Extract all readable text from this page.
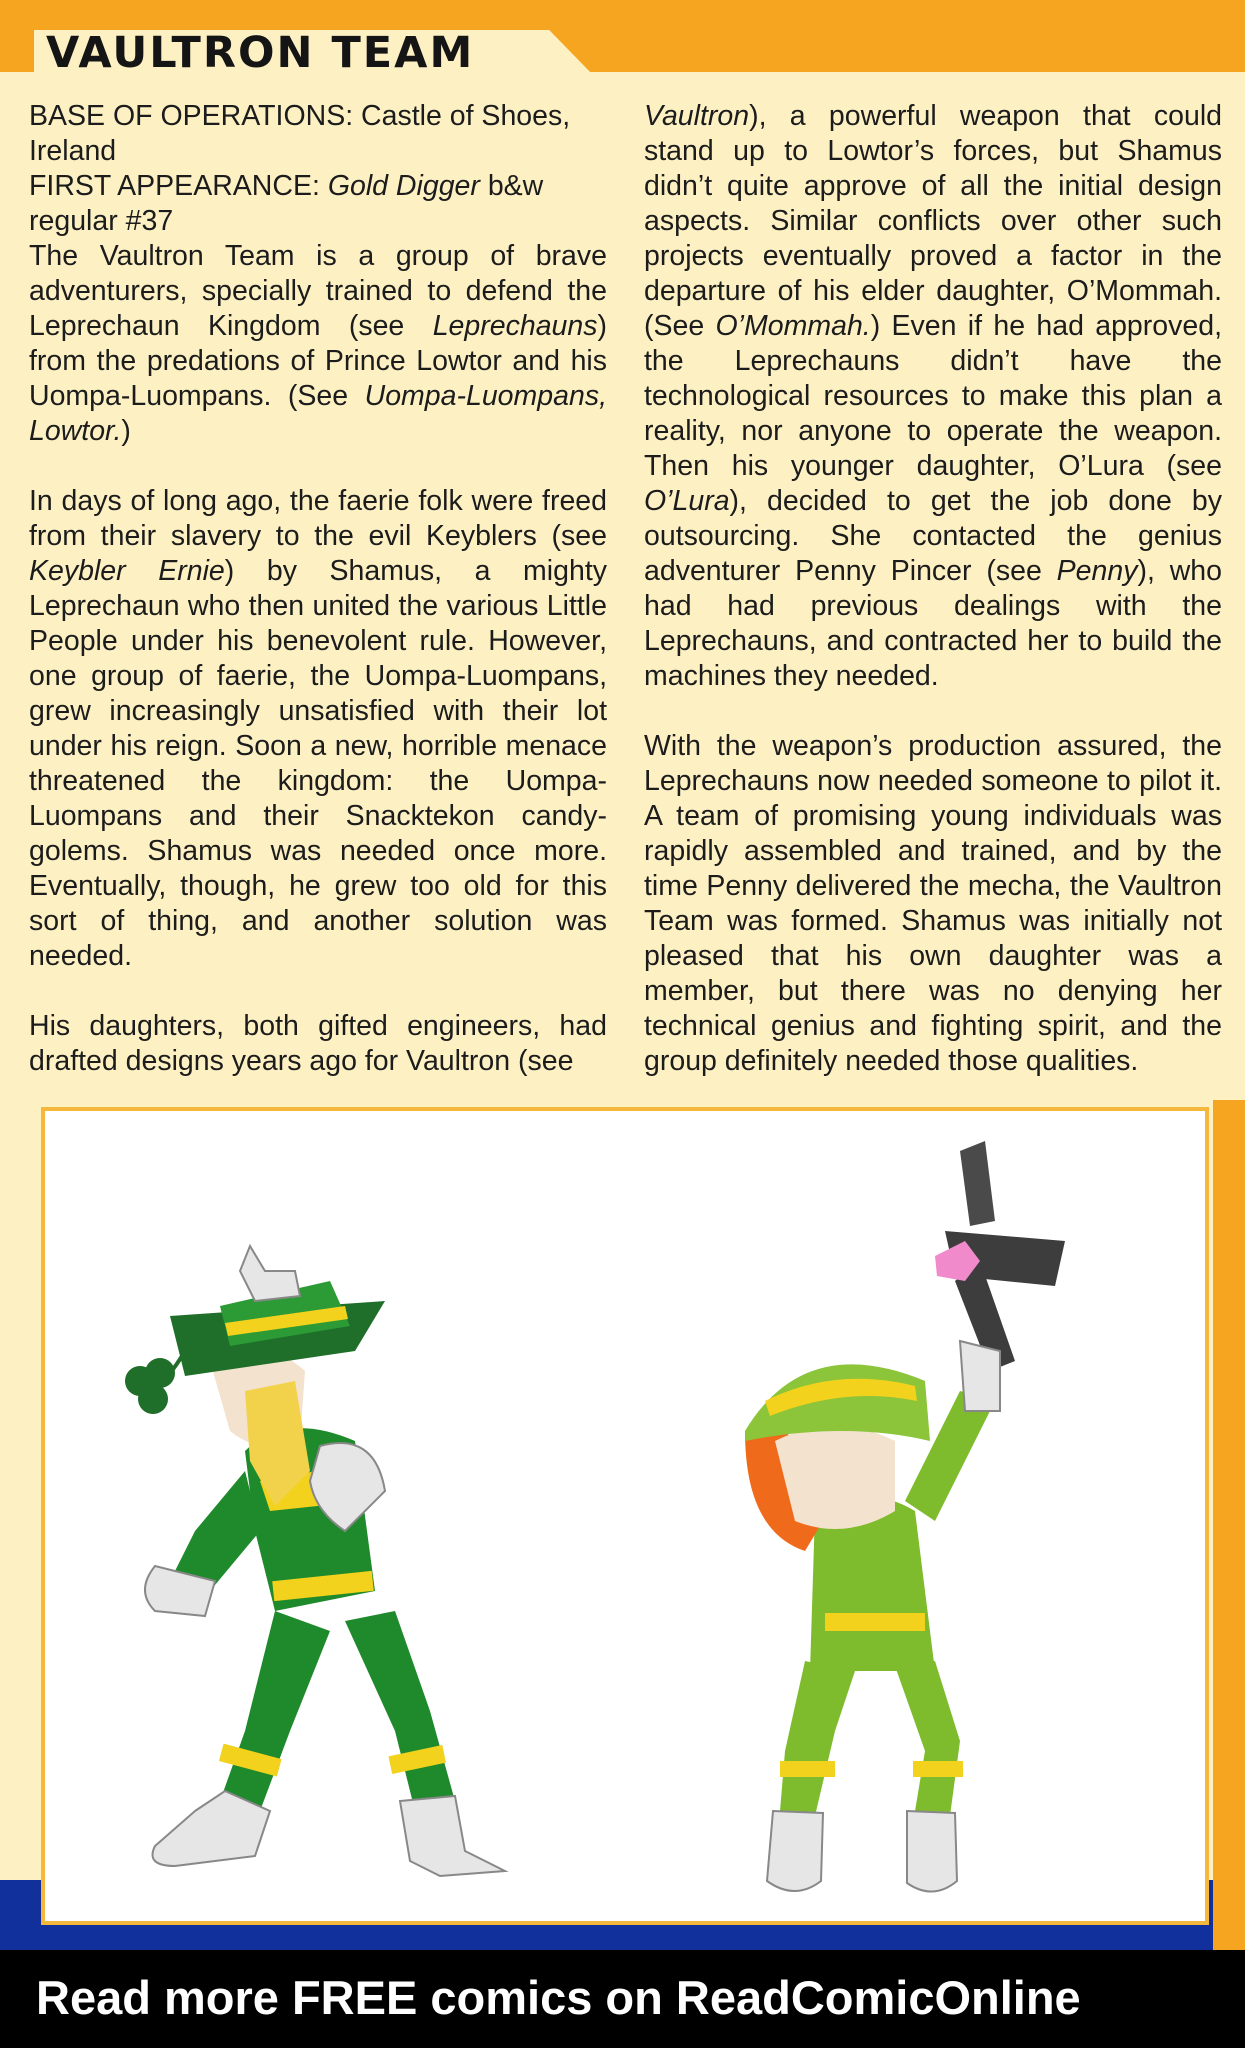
VAULTRON TEAM

BASE OF OPERATIONS: Castle of Shoes, Ireland

FIRST APPEARANCE: Gold Digger b&w regular #37

The Vaultron Team is a group of brave adventurers, specially trained to defend the Leprechaun Kingdom (see Leprechauns) from the predations of Prince Lowtor and his Uompa-Luompans. (See Uompa-Luompans, Lowtor.)

In days of long ago, the faerie folk were freed from their slavery to the evil Keyblers (see Keybler Ernie) by Shamus, a mighty Leprechaun who then united the various Little People under his benevolent rule. However, one group of faerie, the Uompa-Luompans, grew increasingly unsatisfied with their lot under his reign. Soon a new, horrible menace threatened the kingdom: the Uompa-Luompans and their Snacktekon candy-golems. Shamus was needed once more. Eventually, though, he grew too old for this sort of thing, and another solution was needed.

His daughters, both gifted engineers, had drafted designs years ago for Vaultron (see

Vaultron), a powerful weapon that could stand up to Lowtor’s forces, but Shamus didn’t quite approve of all the initial design aspects. Similar conflicts over other such projects eventually proved a factor in the departure of his elder daughter, O’Mommah. (See O’Mommah.) Even if he had approved, the Leprechauns didn’t have the technological resources to make this plan a reality, nor anyone to operate the weapon. Then his younger daughter, O’Lura (see O’Lura), decided to get the job done by outsourcing. She contacted the genius adventurer Penny Pincer (see Penny), who had had previous dealings with the Leprechauns, and contracted her to build the machines they needed.

With the weapon’s production assured, the Leprechauns now needed someone to pilot it. A team of promising young individuals was rapidly assembled and trained, and by the time Penny delivered the mecha, the Vaultron Team was formed. Shamus was initially not pleased that his own daughter was a member, but there was no denying her technical genius and fighting spirit, and the group definitely needed those qualities.

Read more FREE comics on ReadComicOnline
